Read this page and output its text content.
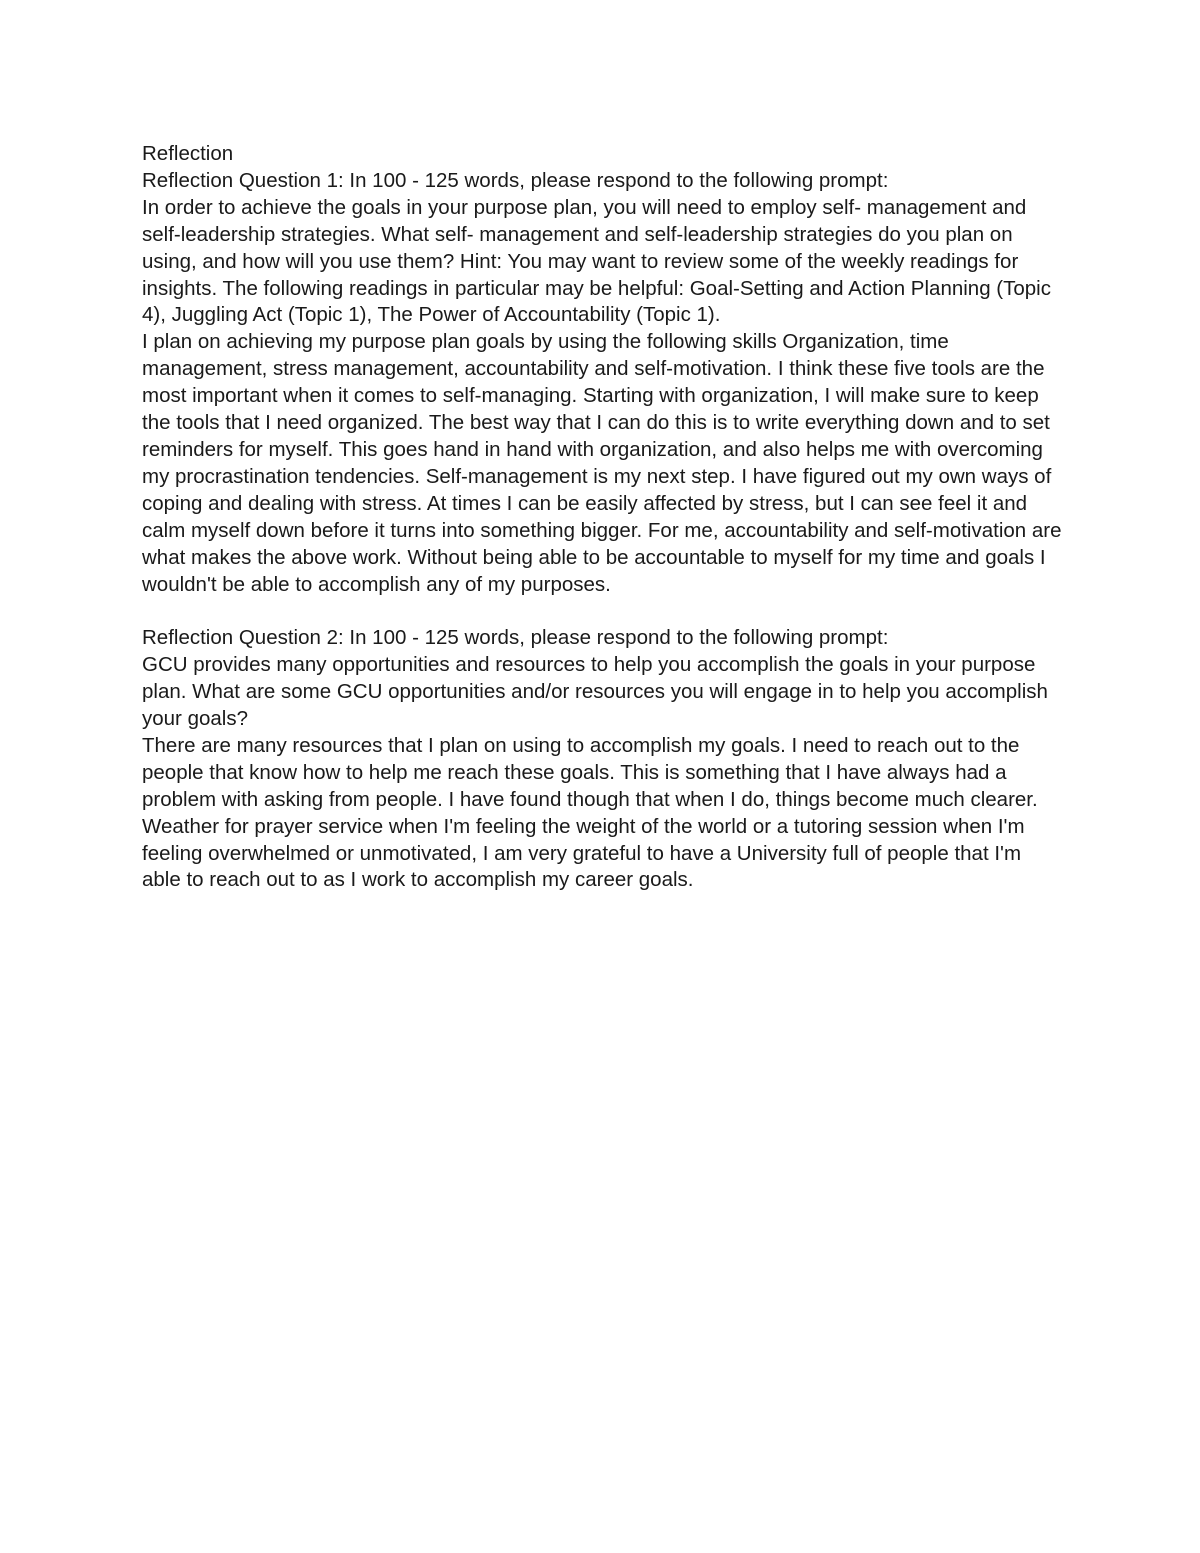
Reflection

Reflection Question 1: In 100 - 125 words, please respond to the following prompt:

In order to achieve the goals in your purpose plan, you will need to employ self- management and self-leadership strategies. What self- management and self-leadership strategies do you plan on using, and how will you use them? Hint: You may want to review some of the weekly readings for insights. The following readings in particular may be helpful: Goal-Setting and Action Planning (Topic 4), Juggling Act (Topic 1), The Power of Accountability (Topic 1).

I plan on achieving my purpose plan goals by using the following skills Organization, time management, stress management, accountability and self-motivation. I think these five tools are the most important when it comes to self-managing. Starting with organization, I will make sure to keep the tools that I need organized. The best way that I can do this is to write everything down and to set reminders for myself. This goes hand in hand with organization, and also helps me with overcoming my procrastination tendencies. Self-management is my next step. I have figured out my own ways of coping and dealing with stress. At times I can be easily affected by stress, but I can see feel it and calm myself down before it turns into something bigger. For me, accountability and self-motivation are what makes the above work. Without being able to be accountable to myself for my time and goals I wouldn't be able to accomplish any of my purposes.

Reflection Question 2: In 100 - 125 words, please respond to the following prompt:

GCU provides many opportunities and resources to help you accomplish the goals in your purpose plan. What are some GCU opportunities and/or resources you will engage in to help you accomplish your goals?

There are many resources that I plan on using to accomplish my goals. I need to reach out to the people that know how to help me reach these goals. This is something that I have always had a problem with asking from people. I have found though that when I do, things become much clearer. Weather for prayer service when I'm feeling the weight of the world or a tutoring session when I'm feeling overwhelmed or unmotivated, I am very grateful to have a University full of people that I'm able to reach out to as I work to accomplish my career goals.
